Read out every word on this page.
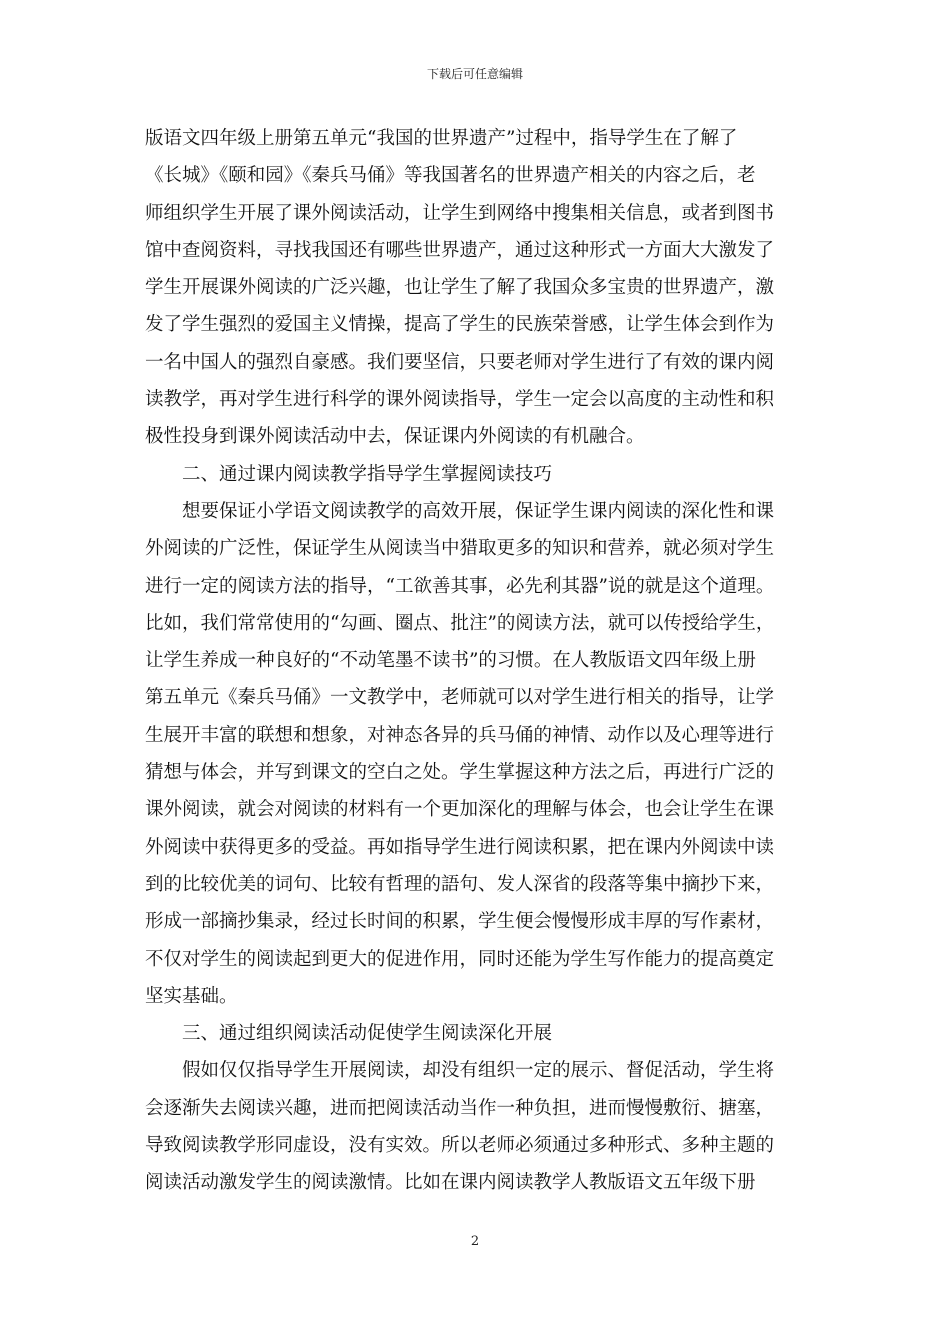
下载后可任意编辑
版语文四年级上册第五单元“我国的世界遗产”过程中，指导学生在了解了
《长城》《颐和园》《秦兵马俑》等我国著名的世界遗产相关的内容之后，老
师组织学生开展了课外阅读活动，让学生到网络中搜集相关信息，或者到图书
馆中查阅资料，寻找我国还有哪些世界遗产，通过这种形式一方面大大激发了
学生开展课外阅读的广泛兴趣，也让学生了解了我国众多宝贵的世界遗产，激
发了学生强烈的爱国主义情操，提高了学生的民族荣誉感，让学生体会到作为
一名中国人的强烈自豪感。我们要坚信，只要老师对学生进行了有效的课内阅
读教学，再对学生进行科学的课外阅读指导，学生一定会以高度的主动性和积
极性投身到课外阅读活动中去，保证课内外阅读的有机融合。
二、通过课内阅读教学指导学生掌握阅读技巧
想要保证小学语文阅读教学的高效开展，保证学生课内阅读的深化性和课
外阅读的广泛性，保证学生从阅读当中猎取更多的知识和营养，就必须对学生
进行一定的阅读方法的指导，“工欲善其事，必先利其器”说的就是这个道理。
比如，我们常常使用的“勾画、圈点、批注”的阅读方法，就可以传授给学生，
让学生养成一种良好的“不动笔墨不读书”的习惯。在人教版语文四年级上册
第五单元《秦兵马俑》一文教学中，老师就可以对学生进行相关的指导，让学
生展开丰富的联想和想象，对神态各异的兵马俑的神情、动作以及心理等进行
猜想与体会，并写到课文的空白之处。学生掌握这种方法之后，再进行广泛的
课外阅读，就会对阅读的材料有一个更加深化的理解与体会，也会让学生在课
外阅读中获得更多的受益。再如指导学生进行阅读积累，把在课内外阅读中读
到的比较优美的词句、比较有哲理的語句、发人深省的段落等集中摘抄下来，
形成一部摘抄集录，经过长时间的积累，学生便会慢慢形成丰厚的写作素材，
不仅对学生的阅读起到更大的促进作用，同时还能为学生写作能力的提高奠定
坚实基础。
三、通过组织阅读活动促使学生阅读深化开展
假如仅仅指导学生开展阅读，却没有组织一定的展示、督促活动，学生将
会逐渐失去阅读兴趣，进而把阅读活动当作一种负担，进而慢慢敷衍、搪塞，
导致阅读教学形同虚设，没有实效。所以老师必须通过多种形式、多种主题的
阅读活动激发学生的阅读激情。比如在课内阅读教学人教版语文五年级下册
2
